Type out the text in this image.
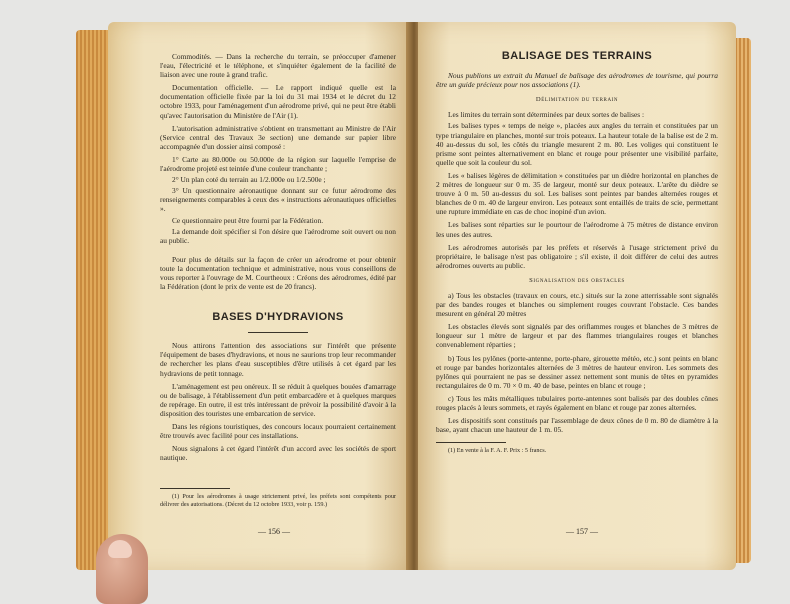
Commodités. — Dans la recherche du terrain, se préoccuper d'amener l'eau, l'électricité et le téléphone, et s'inquiéter également de la facilité de liaison avec une route à grand trafic.

Documentation officielle. — Le rapport indiqué quelle est la documentation officielle fixée par la loi du 31 mai 1934 et le décret du 12 octobre 1933, pour l'aménagement d'un aérodrome privé, qui ne peut être établi qu'avec l'autorisation du Ministère de l'Air (1).

L'autorisation administrative s'obtient en transmettant au Ministre de l'Air (Service central des Travaux 3e section) une demande sur papier libre accompagnée d'un dossier ainsi composé :

1° Carte au 80.000e ou 50.000e de la région sur laquelle l'emprise de l'aérodrome projeté est teintée d'une couleur tranchante ;

2° Un plan coté du terrain au 1/2.000e ou 1/2.500e ;

3° Un questionnaire aéronautique donnant sur ce futur aérodrome des renseignements comparables à ceux des « instructions aéronautiques officielles ».

Ce questionnaire peut être fourni par la Fédération.

La demande doit spécifier si l'on désire que l'aérodrome soit ouvert ou non au public.

Pour plus de détails sur la façon de créer un aérodrome et pour obtenir toute la documentation technique et administrative, nous vous conseillons de vous reporter à l'ouvrage de M. Courtheoux : Créons des aérodromes, édité par la Fédération (dont le prix de vente est de 20 francs).

BASES D'HYDRAVIONS

Nous attirons l'attention des associations sur l'intérêt que présente l'équipement de bases d'hydravions, et nous ne saurions trop leur recommander de rechercher les plans d'eau susceptibles d'être utilisés à cet égard par les hydravions de petit tonnage.

L'aménagement est peu onéreux. Il se réduit à quelques bouées d'amarrage ou de balisage, à l'établissement d'un petit embarcadère et à quelques marques de repérage. En outre, il est très intéressant de prévoir la possibilité d'avoir à la disposition des touristes une embarcation de service.

Dans les régions touristiques, des concours locaux pourraient certainement être trouvés avec facilité pour ces installations.

Nous signalons à cet égard l'intérêt d'un accord avec les sociétés de sport nautique.

(1) Pour les aérodromes à usage strictement privé, les préfets sont compétents pour délivrer des autorisations. (Décret du 12 octobre 1933, voir p. 159.)

— 156 —
BALISAGE DES TERRAINS

Nous publions un extrait du Manuel de balisage des aérodromes de tourisme, qui pourra être un guide précieux pour nos associations (1).

Délimitation du terrain

Les limites du terrain sont déterminées par deux sortes de balises :

Les balises types « temps de neige », placées aux angles du terrain et constituées par un type triangulaire en planches, monté sur trois poteaux. La hauteur totale de la balise est de 2 m. 40 au-dessus du sol, les côtés du triangle mesurent 2 m. 80. Les voliges qui constituent le prisme sont peintes alternativement en blanc et rouge pour présenter une visibilité parfaite, quelle que soit la couleur du sol.

Les « balises légères de délimitation » constituées par un dièdre horizontal en planches de 2 mètres de longueur sur 0 m. 35 de largeur, monté sur deux poteaux. L'arête du dièdre se trouve à 0 m. 50 au-dessus du sol. Les balises sont peintes par bandes alternées rouges et blanches de 0 m. 40 de largeur environ. Les poteaux sont entaillés de traits de scie, permettant une rupture immédiate en cas de choc inopiné d'un avion.

Les balises sont réparties sur le pourtour de l'aérodrome à 75 mètres de distance environ les unes des autres.

Les aérodromes autorisés par les préfets et réservés à l'usage strictement privé du propriétaire, le balisage n'est pas obligatoire ; s'il existe, il doit différer de celui des autres aérodromes ouverts au public.

Signalisation des obstacles

a) Tous les obstacles (travaux en cours, etc.) situés sur la zone atterrissable sont signalés par des bandes rouges et blanches ou simplement rouges couvrant l'obstacle. Ces bandes mesurent en général 20 mètres

Les obstacles élevés sont signalés par des oriflammes rouges et blanches de 3 mètres de longueur sur 1 mètre de largeur et par des flammes triangulaires rouges et blanches convenablement réparties ;

b) Tous les pylônes (porte-antenne, porte-phare, girouette météo, etc.) sont peints en blanc et rouge par bandes horizontales alternées de 3 mètres de hauteur environ. Les sommets des pylônes qui pourraient ne pas se dessiner assez nettement sont munis de têtes en pyramides rectangulaires de 0 m. 70 × 0 m. 40 de base, peintes en blanc et rouge ;

c) Tous les mâts métalliques tubulaires porte-antennes sont balisés par des doubles cônes rouges placés à leurs sommets, et rayés également en blanc et rouge par zones alternées.

Les dispositifs sont constitués par l'assemblage de deux cônes de 0 m. 80 de diamètre à la base, ayant chacun une hauteur de 1 m. 05.

(1) En vente à la F. A. F. Prix : 5 francs.

— 157 —
